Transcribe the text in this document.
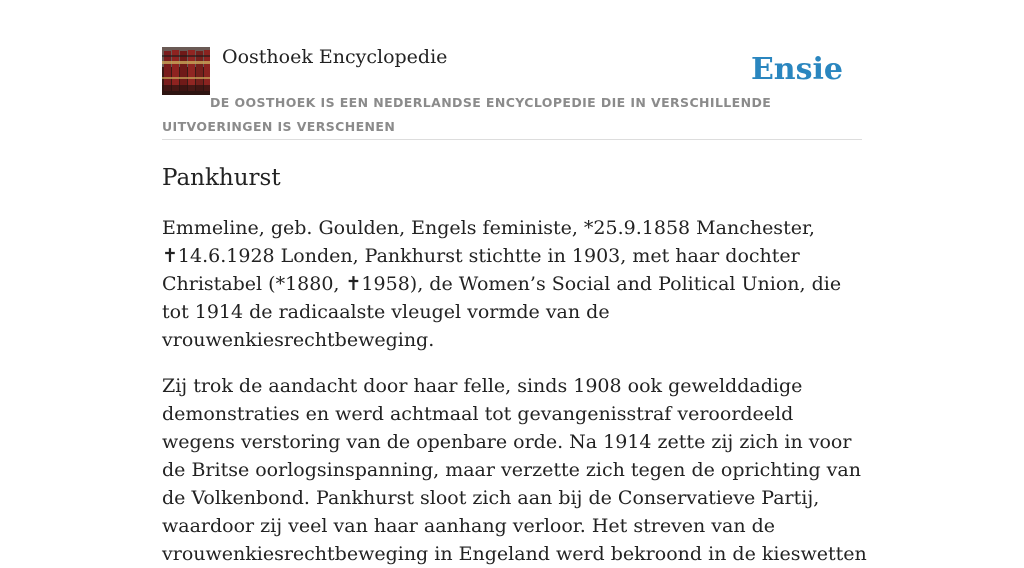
Oosthoek Encyclopedie	Ensie
DE OOSTHOEK IS EEN NEDERLANDSE ENCYCLOPEDIE DIE IN VERSCHILLENDE UITVOERINGEN IS VERSCHENEN
Pankhurst

Emmeline, geb. Goulden, Engels feministe, *25.9.1858 Manchester, ✝14.6.1928 Londen, Pankhurst stichtte in 1903, met haar dochter Christabel (*1880, ✝1958), de Women’s Social and Political Union, die tot 1914 de radicaalste vleugel vormde van de vrouwenkiesrechtbeweging.

Zij trok de aandacht door haar felle, sinds 1908 ook gewelddadige demonstraties en werd achtmaal tot gevangenisstraf veroordeeld wegens verstoring van de openbare orde. Na 1914 zette zij zich in voor de Britse oorlogsinspanning, maar verzette zich tegen de oprichting van de Volkenbond. Pankhurst sloot zich aan bij de Conservatieve Partij, waardoor zij veel van haar aanhang verloor. Het streven van de vrouwenkiesrechtbeweging in Engeland werd bekroond in de kieswetten
